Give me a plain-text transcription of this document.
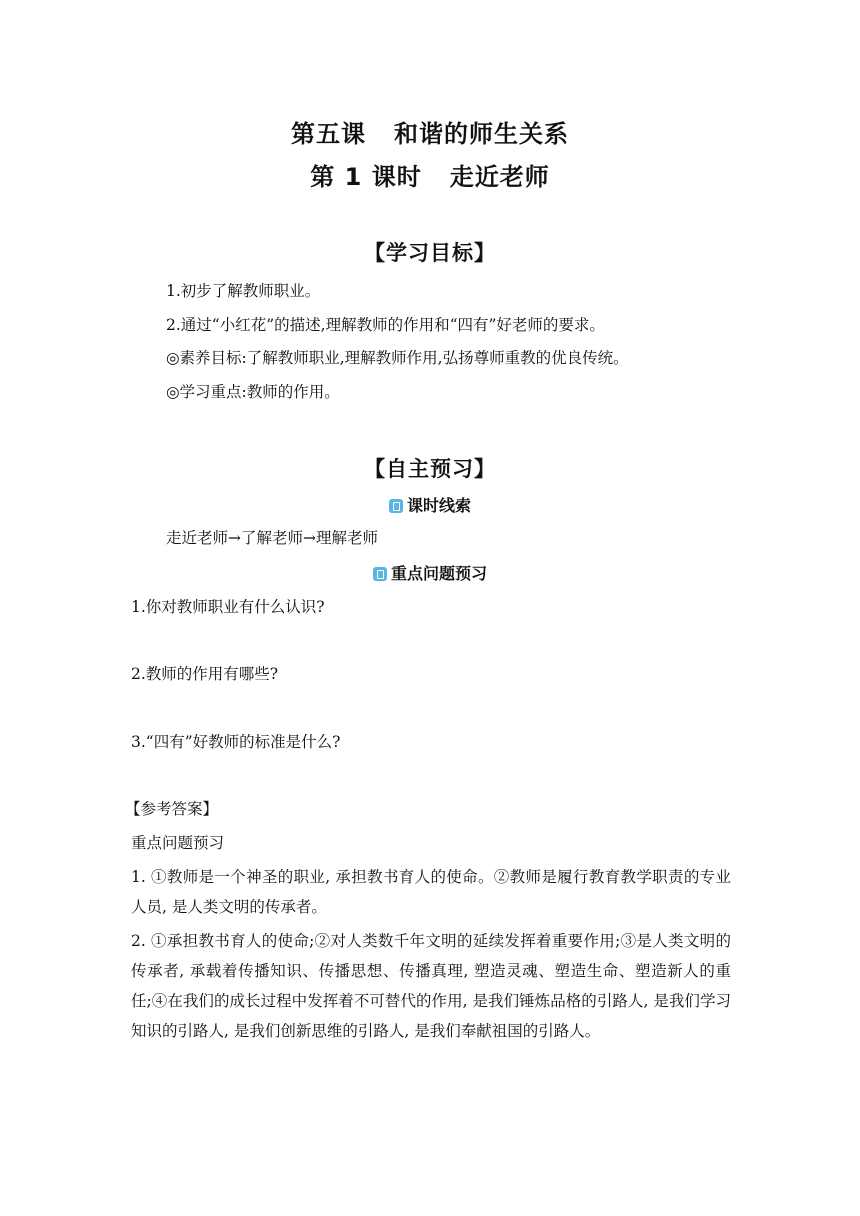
第五课 和谐的师生关系
第 1 课时 走近老师
【学习目标】
1.初步了解教师职业。
2.通过“小红花”的描述,理解教师的作用和“四有”好老师的要求。
◎素养目标:了解教师职业,理解教师作用,弘扬尊师重教的优良传统。
◎学习重点:教师的作用。
【自主预习】
课时线索
走近老师→了解老师→理解老师
重点问题预习
1.你对教师职业有什么认识?
2.教师的作用有哪些?
3.“四有”好教师的标准是什么?
【参考答案】
重点问题预习
1. ①教师是一个神圣的职业, 承担教书育人的使命。②教师是履行教育教学职责的专业人员, 是人类文明的传承者。
2. ①承担教书育人的使命;②对人类数千年文明的延续发挥着重要作用;③是人类文明的传承者, 承载着传播知识、传播思想、传播真理, 塑造灵魂、塑造生命、塑造新人的重任;④在我们的成长过程中发挥着不可替代的作用, 是我们锤炼品格的引路人, 是我们学习知识的引路人, 是我们创新思维的引路人, 是我们奉献祖国的引路人。
